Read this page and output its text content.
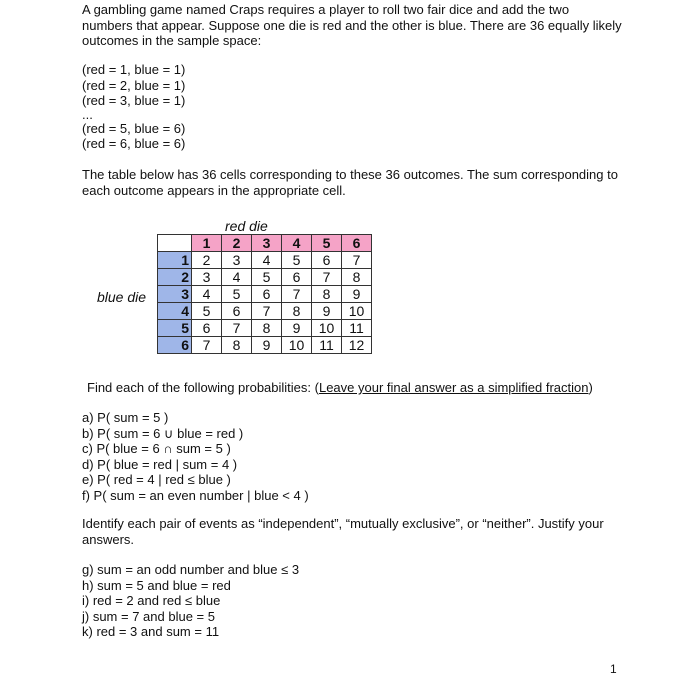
A gambling game named Craps requires a player to roll two fair dice and add the two numbers that appear. Suppose one die is red and the other is blue. There are 36 equally likely outcomes in the sample space:

(red = 1, blue = 1)

(red = 2, blue = 1)

(red = 3, blue = 1)

...

(red = 5, blue = 6)

(red = 6, blue = 6)

The table below has 36 cells corresponding to these 36 outcomes. The sum corresponding to each outcome appears in the appropriate cell.

red die
blue die
	1	2	3	4	5	6
1	2	3	4	5	6	7
2	3	4	5	6	7	8
3	4	5	6	7	8	9
4	5	6	7	8	9	10
5	6	7	8	9	10	11
6	7	8	9	10	11	12
Find each of the following probabilities: (Leave your final answer as a simplified fraction)

a) P( sum = 5 )

b) P( sum = 6 ∪ blue = red )

c) P( blue = 6 ∩ sum = 5 )

d) P( blue = red | sum = 4 )

e) P( red = 4 | red ≤ blue )

f) P( sum = an even number | blue < 4 )

Identify each pair of events as “independent”, “mutually exclusive”, or “neither”. Justify your answers.

g) sum = an odd number and blue ≤ 3

h) sum = 5 and blue = red

i) red = 2 and red ≤ blue

j) sum = 7 and blue = 5

k) red = 3 and sum = 11

1
